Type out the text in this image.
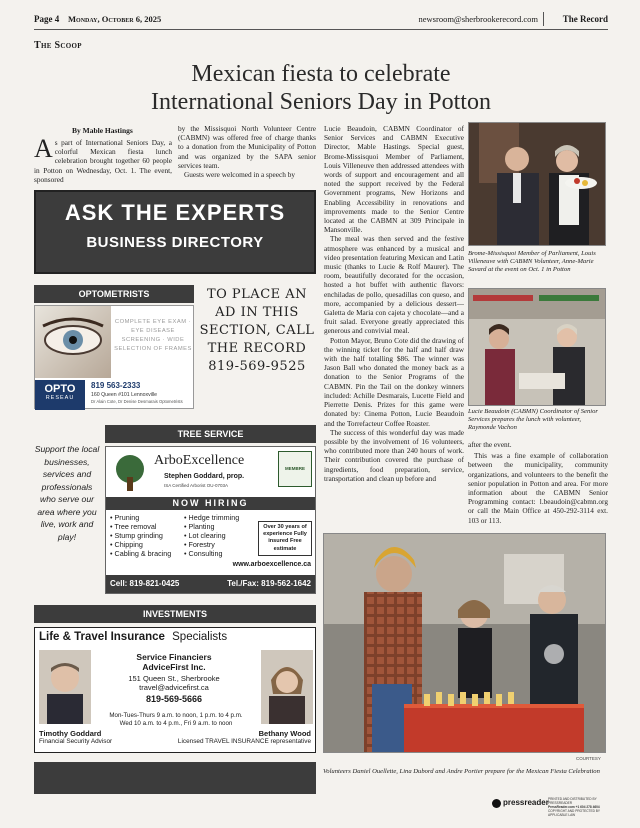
Page 4 Monday, October 6, 2025	newsroom@sherbrookerecord.com	The Record
The Scoop
Mexican fiesta to celebrate
International Seniors Day in Potton
By Mable Hastings
A s part of International Seniors Day, a colorful Mexican fiesta lunch celebration brought together 60 people in Potton on Wednesday, Oct. 1. The event, sponsored

by the Missisquoi North Volunteer Centre (CABMN) was offered free of charge thanks to a donation from the Municipality of Potton and was organized by the SAPA senior services team.

Guests were welcomed in a speech by

Lucie Beaudoin, CABMN Coordinator of Senior Services and CABMN Executive Director, Mable Hastings. Special guest, Brome-Missisquoi Member of Parliament, Louis Villeneuve then addressed attendees with words of support and encouragement and all noted the support received by the Federal Government programs, New Horizons and Enabling Accessibility in renovations and improvements made to the Senior Centre located at the CABMN at 309 Principale in Mansonville.

The meal was then served and the festive atmosphere was enhanced by a musical and video presentation featuring Mexican and Latin music (thanks to Lucie & Rolf Maurer). The room, beautifully decorated for the occasion, hosted a hot buffet with authentic flavors: enchiladas de pollo, quesadillas con queso, and more, accompanied by a delicious dessert—Galetta de Maria con cajeta y chocolate—and a fruit salad. Everyone greatly appreciated this generous and convivial meal.

Potton Mayor, Bruno Cote did the drawing of the winning ticket for the half and half draw with the half totalling $86. The winner was Jason Ball who donated the money back as a donation to the Senior Programs of the CABMN. Pin the Tail on the donkey winners included: Achille Desmarais, Lucette Field and Pierrette Denis. Prizes for this game were donated by: Cinema Potton, Lucie Beaudoin and the Torrefacteur Coffee Roaster.

The success of this wonderful day was made possible by the involvement of 16 volunteers, who contributed more than 240 hours of work. Their contribution covered the purchase of ingredients, food preparation, service, transportation and clean up before and

Brome-Missisquoi Member of Parliament, Louis Villeneuve with CABMN Volunteer, Anne-Marie Savard at the event on Oct. 1 in Potton
Lucie Beaudoin (CABMN) Coordinator of Senior Services prepares the lunch with volunteer, Raymonde Vachon

after the event.

This was a fine example of collaboration between the municipality, community organizations, and volunteers to the benefit the senior population in Potton and area. For more information about the CABMN Senior Programming contact: l.beaudoin@cabmn.org or call the Main Office at 450-292-3114 ext. 103 or 113.

COURTESY
Volunteers Daniel Ouellette, Lina Dubord and Andre Portier prepare for the Mexican Fiesta Celebration
ASK THE EXPERTS
BUSINESS DIRECTORY
OPTOMETRISTS
COMPLETE EYE EXAM · EYE DISEASE SCREENING · WIDE SELECTION OF FRAMES
OPTO
RESEAU
819 563-2333
160 Queen #101 Lennoxville
Dr Alain Cote, Dr Denise Desmarais Optometrists
TO PLACE AN AD IN THIS SECTION, CALL THE RECORD
819-569-9525
Support the local businesses, services and professionals who serve our area where you live, work and play!
TREE SERVICE
ArboExcellence
Stephen Goddard, prop.
ISA Certified Arborist OU-0703A
MEMBRE
NOW HIRING
• Pruning
• Tree removal
• Stump grinding
• Chipping
• Cabling & bracing
• Hedge trimming
• Planting
• Lot clearing
• Forestry
• Consulting
Over 30 years of experience Fully insured Free estimate
www.arboexcellence.ca
Cell: 819-821-0425	Tel./Fax: 819-562-1642
INVESTMENTS
Life & Travel Insurance Specialists
Service Financiers
AdviceFirst Inc.
151 Queen St., Sherbrooke
travel@advicefirst.ca
819-569-5666
Mon-Tues-Thurs 9 a.m. to noon, 1 p.m. to 4 p.m.
Wed 10 a.m. to 4 p.m., Fri 9 a.m. to noon
Timothy Goddard
Financial Security Advisor
Bethany Wood
Licensed TRAVEL INSURANCE representative
pressreader PRINTED AND DISTRIBUTED BY PRESSREADER
PressReader.com +1 604 278 4604
COPYRIGHT AND PROTECTED BY APPLICABLE LAW
